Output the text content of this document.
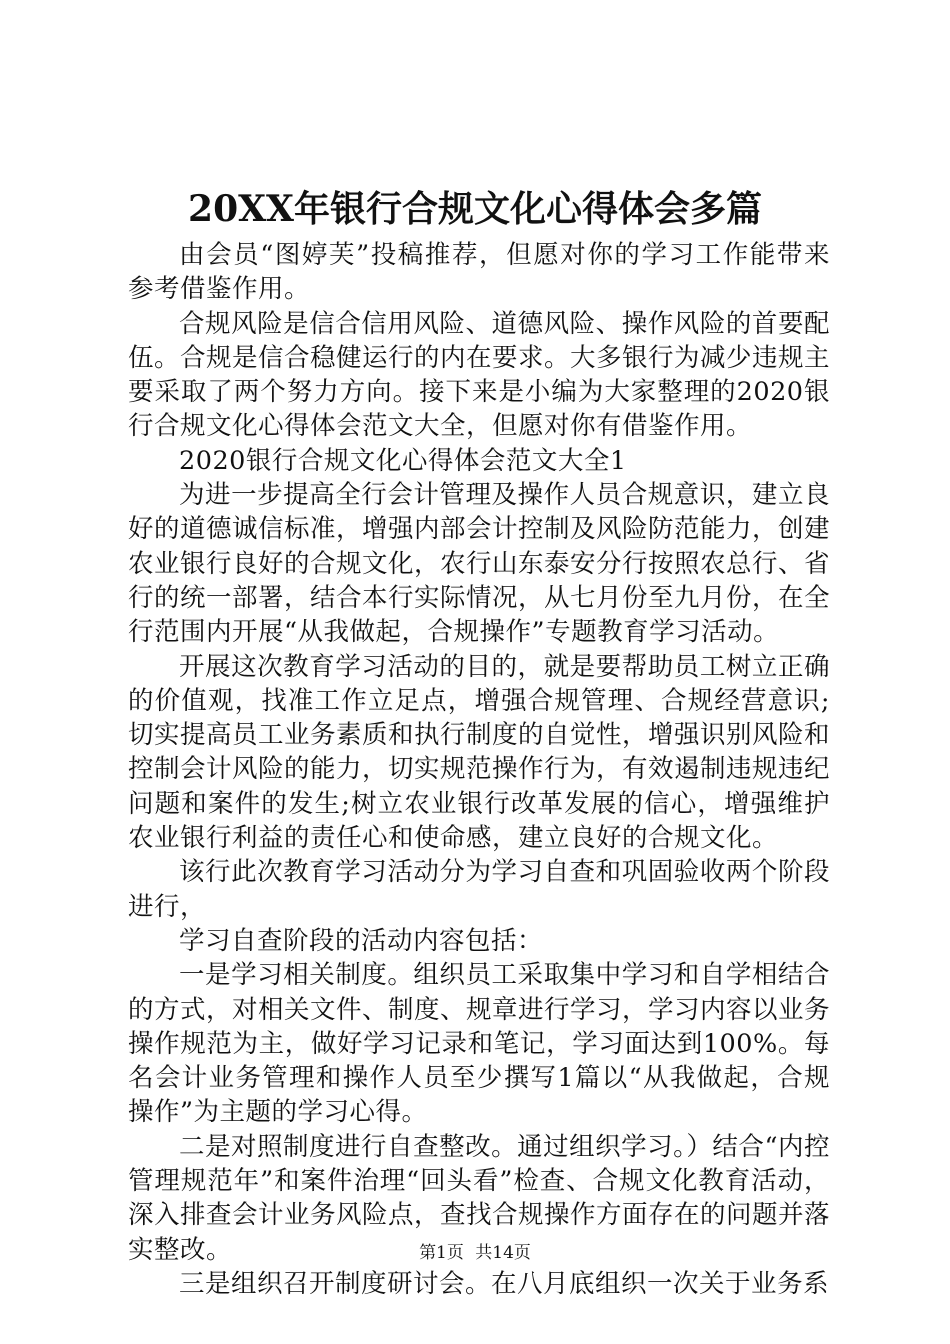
20XX年银行合规文化心得体会多篇

由会员“图婷芙”投稿推荐，但愿对你的学习工作能带来参考借鉴作用。

合规风险是信合信用风险、道德风险、操作风险的首要配伍。合规是信合稳健运行的内在要求。大多银行为减少违规主要采取了两个努力方向。接下来是小编为大家整理的2020银行合规文化心得体会范文大全，但愿对你有借鉴作用。

2020银行合规文化心得体会范文大全1

为进一步提高全行会计管理及操作人员合规意识，建立良好的道德诚信标准，增强内部会计控制及风险防范能力，创建农业银行良好的合规文化，农行山东泰安分行按照农总行、省行的统一部署，结合本行实际情况，从七月份至九月份，在全行范围内开展“从我做起，合规操作”专题教育学习活动。

开展这次教育学习活动的目的，就是要帮助员工树立正确的价值观，找准工作立足点，增强合规管理、合规经营意识;切实提高员工业务素质和执行制度的自觉性，增强识别风险和控制会计风险的能力，切实规范操作行为，有效遏制违规违纪问题和案件的发生;树立农业银行改革发展的信心，增强维护农业银行利益的责任心和使命感，建立良好的合规文化。

该行此次教育学习活动分为学习自查和巩固验收两个阶段进行，

学习自查阶段的活动内容包括：

一是学习相关制度。组织员工采取集中学习和自学相结合的方式，对相关文件、制度、规章进行学习，学习内容以业务操作规范为主，做好学习记录和笔记，学习面达到100%。每名会计业务管理和操作人员至少撰写1篇以“从我做起，合规操作”为主题的学习心得。

二是对照制度进行自查整改。通过组织学习。）结合“内控管理规范年”和案件治理“回头看”检查、合规文化教育活动，深入排查会计业务风险点，查找合规操作方面存在的问题并落实整改。

三是组织召开制度研讨会。在八月底组织一次关于业务系

第1页 共14页
